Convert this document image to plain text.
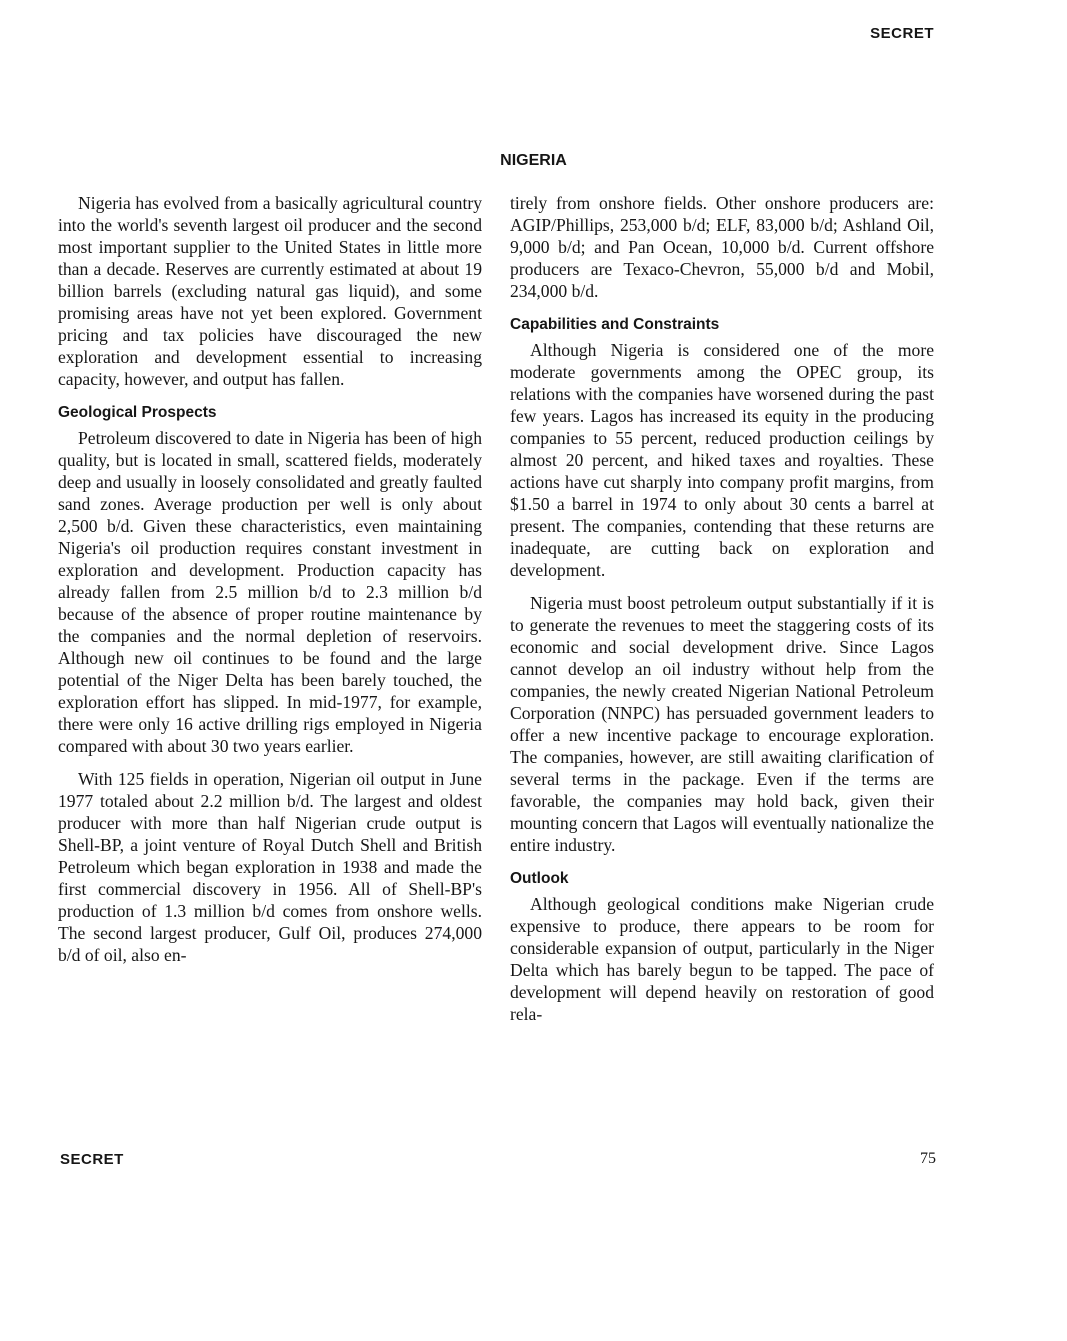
SECRET
NIGERIA

Nigeria has evolved from a basically agricultural country into the world's seventh largest oil producer and the second most important supplier to the United States in little more than a decade. Reserves are currently estimated at about 19 billion barrels (excluding natural gas liquid), and some promising areas have not yet been explored. Government pricing and tax policies have discouraged the new exploration and development essential to increasing capacity, however, and output has fallen.

Geological Prospects

Petroleum discovered to date in Nigeria has been of high quality, but is located in small, scattered fields, moderately deep and usually in loosely consolidated and greatly faulted sand zones. Average production per well is only about 2,500 b/d. Given these characteristics, even maintaining Nigeria's oil production requires constant investment in exploration and development. Production capacity has already fallen from 2.5 million b/d to 2.3 million b/d because of the absence of proper routine maintenance by the companies and the normal depletion of reservoirs. Although new oil continues to be found and the large potential of the Niger Delta has been barely touched, the exploration effort has slipped. In mid-1977, for example, there were only 16 active drilling rigs employed in Nigeria compared with about 30 two years earlier.

With 125 fields in operation, Nigerian oil output in June 1977 totaled about 2.2 million b/d. The largest and oldest producer with more than half Nigerian crude output is Shell-BP, a joint venture of Royal Dutch Shell and British Petroleum which began exploration in 1938 and made the first commercial discovery in 1956. All of Shell-BP's production of 1.3 million b/d comes from onshore wells. The second largest producer, Gulf Oil, produces 274,000 b/d of oil, also en-

tirely from onshore fields. Other onshore producers are: AGIP/Phillips, 253,000 b/d; ELF, 83,000 b/d; Ashland Oil, 9,000 b/d; and Pan Ocean, 10,000 b/d. Current offshore producers are Texaco-Chevron, 55,000 b/d and Mobil, 234,000 b/d.

Capabilities and Constraints

Although Nigeria is considered one of the more moderate governments among the OPEC group, its relations with the companies have worsened during the past few years. Lagos has increased its equity in the producing companies to 55 percent, reduced production ceilings by almost 20 percent, and hiked taxes and royalties. These actions have cut sharply into company profit margins, from $1.50 a barrel in 1974 to only about 30 cents a barrel at present. The companies, contending that these returns are inadequate, are cutting back on exploration and development.

Nigeria must boost petroleum output substantially if it is to generate the revenues to meet the staggering costs of its economic and social development drive. Since Lagos cannot develop an oil industry without help from the companies, the newly created Nigerian National Petroleum Corporation (NNPC) has persuaded government leaders to offer a new incentive package to encourage exploration. The companies, however, are still awaiting clarification of several terms in the package. Even if the terms are favorable, the companies may hold back, given their mounting concern that Lagos will eventually nationalize the entire industry.

Outlook

Although geological conditions make Nigerian crude expensive to produce, there appears to be room for considerable expansion of output, particularly in the Niger Delta which has barely begun to be tapped. The pace of development will depend heavily on restoration of good rela-

SECRET	75
